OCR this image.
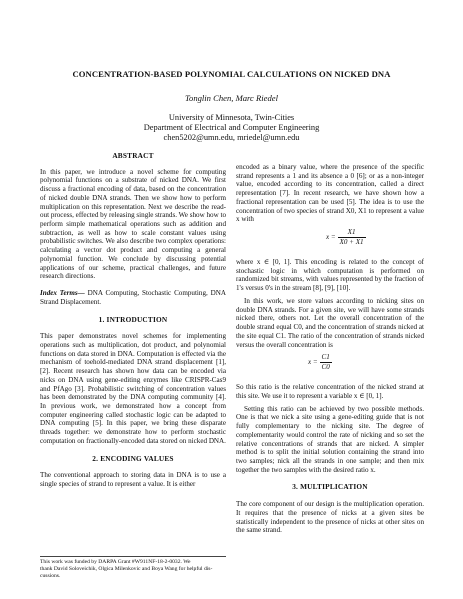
CONCENTRATION-BASED POLYNOMIAL CALCULATIONS ON NICKED DNA
Tonglin Chen, Marc Riedel
University of Minnesota, Twin-Cities
Department of Electrical and Computer Engineering
chen5202@umn.edu, mriedel@umn.edu
ABSTRACT
In this paper, we introduce a novel scheme for computing polynomial functions on a substrate of nicked DNA. We first discuss a fractional encoding of data, based on the concentration of nicked double DNA strands. Then we show how to perform multiplication on this representation. Next we describe the read-out process, effected by releasing single strands. We show how to perform simple mathematical operations such as addition and subtraction, as well as how to scale constant values using probabilistic switches. We also describe two complex operations: calculating a vector dot product and computing a general polynomial function. We conclude by discussing potential applications of our scheme, practical challenges, and future research directions.
Index Terms— DNA Computing, Stochastic Computing, DNA Strand Displacement.
1. INTRODUCTION
This paper demonstrates novel schemes for implementing operations such as multiplication, dot product, and polynomial functions on data stored in DNA. Computation is effected via the mechanism of toehold-mediated DNA strand displacement [1], [2]. Recent research has shown how data can be encoded via nicks on DNA using gene-editing enzymes like CRISPR-Cas9 and PfAgo [3]. Probabilistic switching of concentration values has been demonstrated by the DNA computing community [4]. In previous work, we demonstrated how a concept from computer engineering called stochastic logic can be adapted to DNA computing [5]. In this paper, we bring these disparate threads together: we demonstrate how to perform stochastic computation on fractionally-encoded data stored on nicked DNA.
2. ENCODING VALUES
The conventional approach to storing data in DNA is to use a single species of strand to represent a value. It is either
This work was funded by DARPA Grant #W911NF-18-2-0032. We
thank David Soloveichik, Olgica Milenkovic and Boya Wang for helpful dis-
cussions.
encoded as a binary value, where the presence of the specific strand represents a 1 and its absence a 0 [6]; or as a non-integer value, encoded according to its concentration, called a direct representation [7]. In recent research, we have shown how a fractional representation can be used [5]. The idea is to use the concentration of two species of strand X0, X1 to represent a value x with
$x = \frac{X1}{X0 + X1}$
where x ∈ [0, 1]. This encoding is related to the concept of stochastic logic in which computation is performed on randomized bit streams, with values represented by the fraction of 1's versus 0's in the stream [8], [9], [10].
In this work, we store values according to nicking sites on double DNA strands. For a given site, we will have some strands nicked there, others not. Let the overall concentration of the double strand equal C0, and the concentration of strands nicked at the site equal C1. The ratio of the concentration of strands nicked versus the overall concentration is
$x = \frac{C1}{C0}$
So this ratio is the relative concentration of the nicked strand at this site. We use it to represent a variable x ∈ [0, 1].
Setting this ratio can be achieved by two possible methods. One is that we nick a site using a gene-editing guide that is not fully complementary to the nicking site. The degree of complementarity would control the rate of nicking and so set the relative concentrations of strands that are nicked. A simpler method is to split the initial solution containing the strand into two samples; nick all the strands in one sample; and then mix together the two samples with the desired ratio x.
3. MULTIPLICATION
The core component of our design is the multiplication operation. It requires that the presence of nicks at a given sites be statistically independent to the presence of nicks at other sites on the same strand.
